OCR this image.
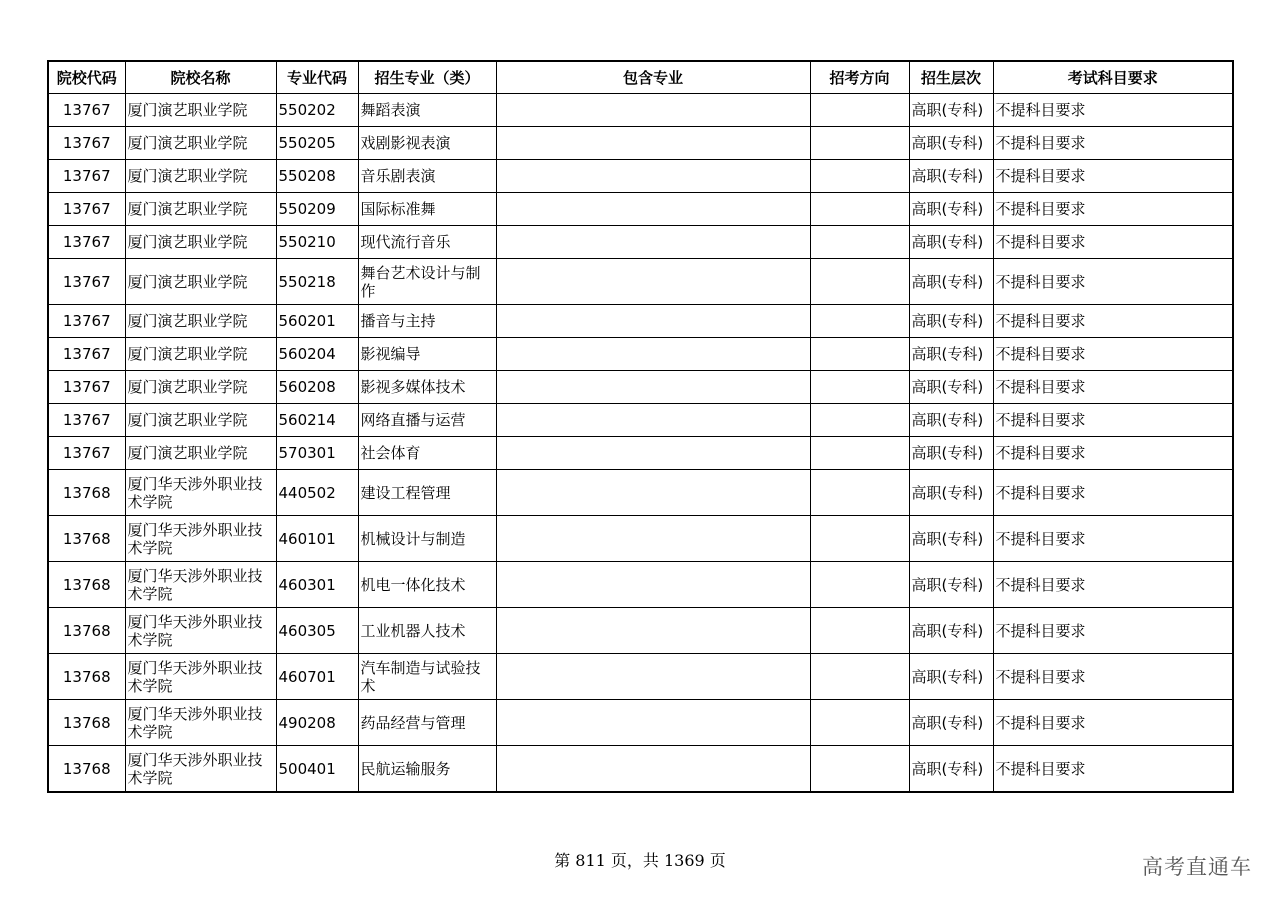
院校代码	院校名称	专业代码	招生专业（类）	包含专业	招考方向	招生层次	考试科目要求
13767	厦门演艺职业学院	550202	舞蹈表演			高职(专科)	不提科目要求
13767	厦门演艺职业学院	550205	戏剧影视表演			高职(专科)	不提科目要求
13767	厦门演艺职业学院	550208	音乐剧表演			高职(专科)	不提科目要求
13767	厦门演艺职业学院	550209	国际标准舞			高职(专科)	不提科目要求
13767	厦门演艺职业学院	550210	现代流行音乐			高职(专科)	不提科目要求
13767	厦门演艺职业学院	550218	舞台艺术设计与制作			高职(专科)	不提科目要求
13767	厦门演艺职业学院	560201	播音与主持			高职(专科)	不提科目要求
13767	厦门演艺职业学院	560204	影视编导			高职(专科)	不提科目要求
13767	厦门演艺职业学院	560208	影视多媒体技术			高职(专科)	不提科目要求
13767	厦门演艺职业学院	560214	网络直播与运营			高职(专科)	不提科目要求
13767	厦门演艺职业学院	570301	社会体育			高职(专科)	不提科目要求
13768	厦门华天涉外职业技术学院	440502	建设工程管理			高职(专科)	不提科目要求
13768	厦门华天涉外职业技术学院	460101	机械设计与制造			高职(专科)	不提科目要求
13768	厦门华天涉外职业技术学院	460301	机电一体化技术			高职(专科)	不提科目要求
13768	厦门华天涉外职业技术学院	460305	工业机器人技术			高职(专科)	不提科目要求
13768	厦门华天涉外职业技术学院	460701	汽车制造与试验技术			高职(专科)	不提科目要求
13768	厦门华天涉外职业技术学院	490208	药品经营与管理			高职(专科)	不提科目要求
13768	厦门华天涉外职业技术学院	500401	民航运输服务			高职(专科)	不提科目要求
第 811 页，共 1369 页	高考直通车
